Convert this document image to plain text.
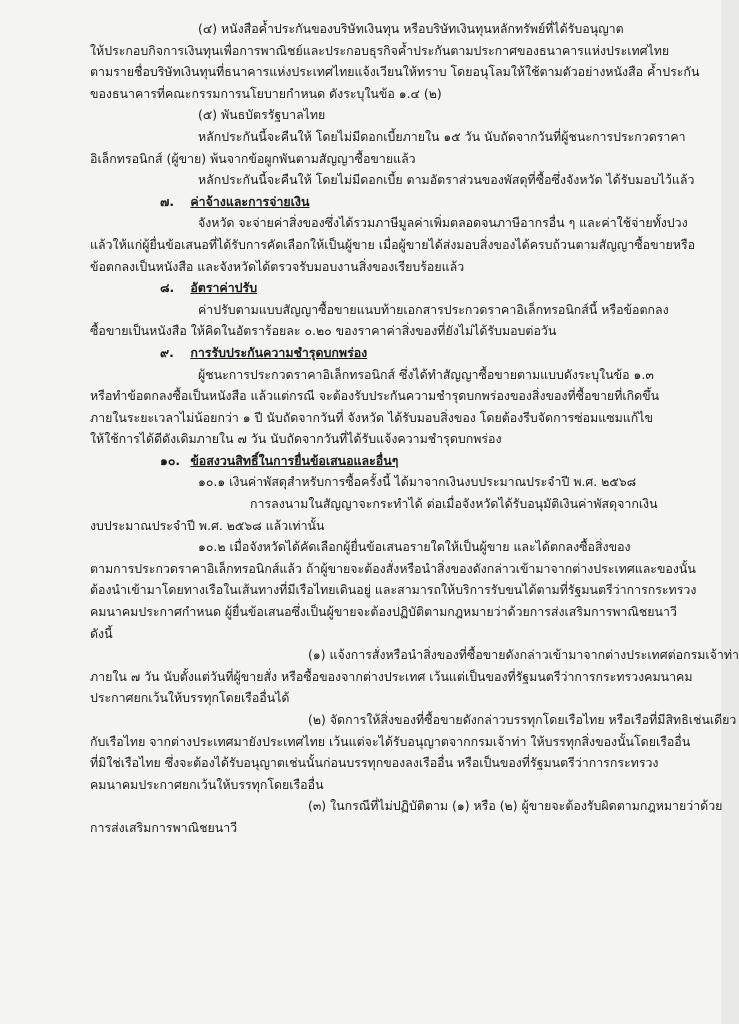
(๔) หนังสือค้ำประกันของบริษัทเงินทุน หรือบริษัทเงินทุนหลักทรัพย์ที่ได้รับอนุญาต
ให้ประกอบกิจการเงินทุนเพื่อการพาณิชย์และประกอบธุรกิจค้ำประกันตามประกาศของธนาคารแห่งประเทศไทย
ตามรายชื่อบริษัทเงินทุนที่ธนาคารแห่งประเทศไทยแจ้งเวียนให้ทราบ โดยอนุโลมให้ใช้ตามตัวอย่างหนังสือ ค้ำประกัน
ของธนาคารที่คณะกรรมการนโยบายกำหนด ดังระบุในข้อ ๑.๔ (๒)
(๕) พันธบัตรรัฐบาลไทย
หลักประกันนี้จะคืนให้ โดยไม่มีดอกเบี้ยภายใน ๑๕ วัน นับถัดจากวันที่ผู้ชนะการประกวดราคา
อิเล็กทรอนิกส์ (ผู้ขาย) พ้นจากข้อผูกพันตามสัญญาซื้อขายแล้ว
หลักประกันนี้จะคืนให้ โดยไม่มีดอกเบี้ย ตามอัตราส่วนของพัสดุที่ซื้อซึ่งจังหวัด ได้รับมอบไว้แล้ว
๗. ค่าจ้างและการจ่ายเงิน
จังหวัด จะจ่ายค่าสิ่งของซึ่งได้รวมภาษีมูลค่าเพิ่มตลอดจนภาษีอากรอื่น ๆ และค่าใช้จ่ายทั้งปวง
แล้วให้แก่ผู้ยื่นข้อเสนอที่ได้รับการคัดเลือกให้เป็นผู้ขาย เมื่อผู้ขายได้ส่งมอบสิ่งของได้ครบถ้วนตามสัญญาซื้อขายหรือ
ข้อตกลงเป็นหนังสือ และจังหวัดได้ตรวจรับมอบงานสิ่งของเรียบร้อยแล้ว
๘. อัตราค่าปรับ
ค่าปรับตามแบบสัญญาซื้อขายแนบท้ายเอกสารประกวดราคาอิเล็กทรอนิกส์นี้ หรือข้อตกลง
ซื้อขายเป็นหนังสือ ให้คิดในอัตราร้อยละ ๐.๒๐ ของราคาค่าสิ่งของที่ยังไม่ได้รับมอบต่อวัน
๙. การรับประกันความชำรุดบกพร่อง
ผู้ชนะการประกวดราคาอิเล็กทรอนิกส์ ซึ่งได้ทำสัญญาซื้อขายตามแบบดังระบุในข้อ ๑.๓
หรือทำข้อตกลงซื้อเป็นหนังสือ แล้วแต่กรณี จะต้องรับประกันความชำรุดบกพร่องของสิ่งของที่ซื้อขายที่เกิดขึ้น
ภายในระยะเวลาไม่น้อยกว่า ๑ ปี นับถัดจากวันที่ จังหวัด ได้รับมอบสิ่งของ โดยต้องรีบจัดการซ่อมแซมแก้ไข
ให้ใช้การได้ดีดังเดิมภายใน ๗ วัน นับถัดจากวันที่ได้รับแจ้งความชำรุดบกพร่อง
๑๐. ข้อสงวนสิทธิ์ในการยื่นข้อเสนอและอื่นๆ
๑๐.๑ เงินค่าพัสดุสำหรับการซื้อครั้งนี้ ได้มาจากเงินงบประมาณประจำปี พ.ศ. ๒๕๖๘
การลงนามในสัญญาจะกระทำได้ ต่อเมื่อจังหวัดได้รับอนุมัติเงินค่าพัสดุจากเงิน
งบประมาณประจำปี พ.ศ. ๒๕๖๘ แล้วเท่านั้น
๑๐.๒ เมื่อจังหวัดได้คัดเลือกผู้ยื่นข้อเสนอรายใดให้เป็นผู้ขาย และได้ตกลงซื้อสิ่งของ
ตามการประกวดราคาอิเล็กทรอนิกส์แล้ว ถ้าผู้ขายจะต้องสั่งหรือนำสิ่งของดังกล่าวเข้ามาจากต่างประเทศและของนั้น
ต้องนำเข้ามาโดยทางเรือในเส้นทางที่มีเรือไทยเดินอยู่ และสามารถให้บริการรับขนได้ตามที่รัฐมนตรีว่าการกระทรวง
คมนาคมประกาศกำหนด ผู้ยื่นข้อเสนอซึ่งเป็นผู้ขายจะต้องปฏิบัติตามกฎหมายว่าด้วยการส่งเสริมการพาณิชยนาวี
ดังนี้
(๑) แจ้งการสั่งหรือนำสิ่งของที่ซื้อขายดังกล่าวเข้ามาจากต่างประเทศต่อกรมเจ้าท่า
ภายใน ๗ วัน นับตั้งแต่วันที่ผู้ขายสั่ง หรือซื้อของจากต่างประเทศ เว้นแต่เป็นของที่รัฐมนตรีว่าการกระทรวงคมนาคม
ประกาศยกเว้นให้บรรทุกโดยเรืออื่นได้
(๒) จัดการให้สิ่งของที่ซื้อขายดังกล่าวบรรทุกโดยเรือไทย หรือเรือที่มีสิทธิเช่นเดียว
กับเรือไทย จากต่างประเทศมายังประเทศไทย เว้นแต่จะได้รับอนุญาตจากกรมเจ้าท่า ให้บรรทุกสิ่งของนั้นโดยเรืออื่น
ที่มิใช่เรือไทย ซึ่งจะต้องได้รับอนุญาตเช่นนั้นก่อนบรรทุกของลงเรืออื่น หรือเป็นของที่รัฐมนตรีว่าการกระทรวง
คมนาคมประกาศยกเว้นให้บรรทุกโดยเรืออื่น
(๓) ในกรณีที่ไม่ปฏิบัติตาม (๑) หรือ (๒) ผู้ขายจะต้องรับผิดตามกฎหมายว่าด้วย
การส่งเสริมการพาณิชยนาวี
